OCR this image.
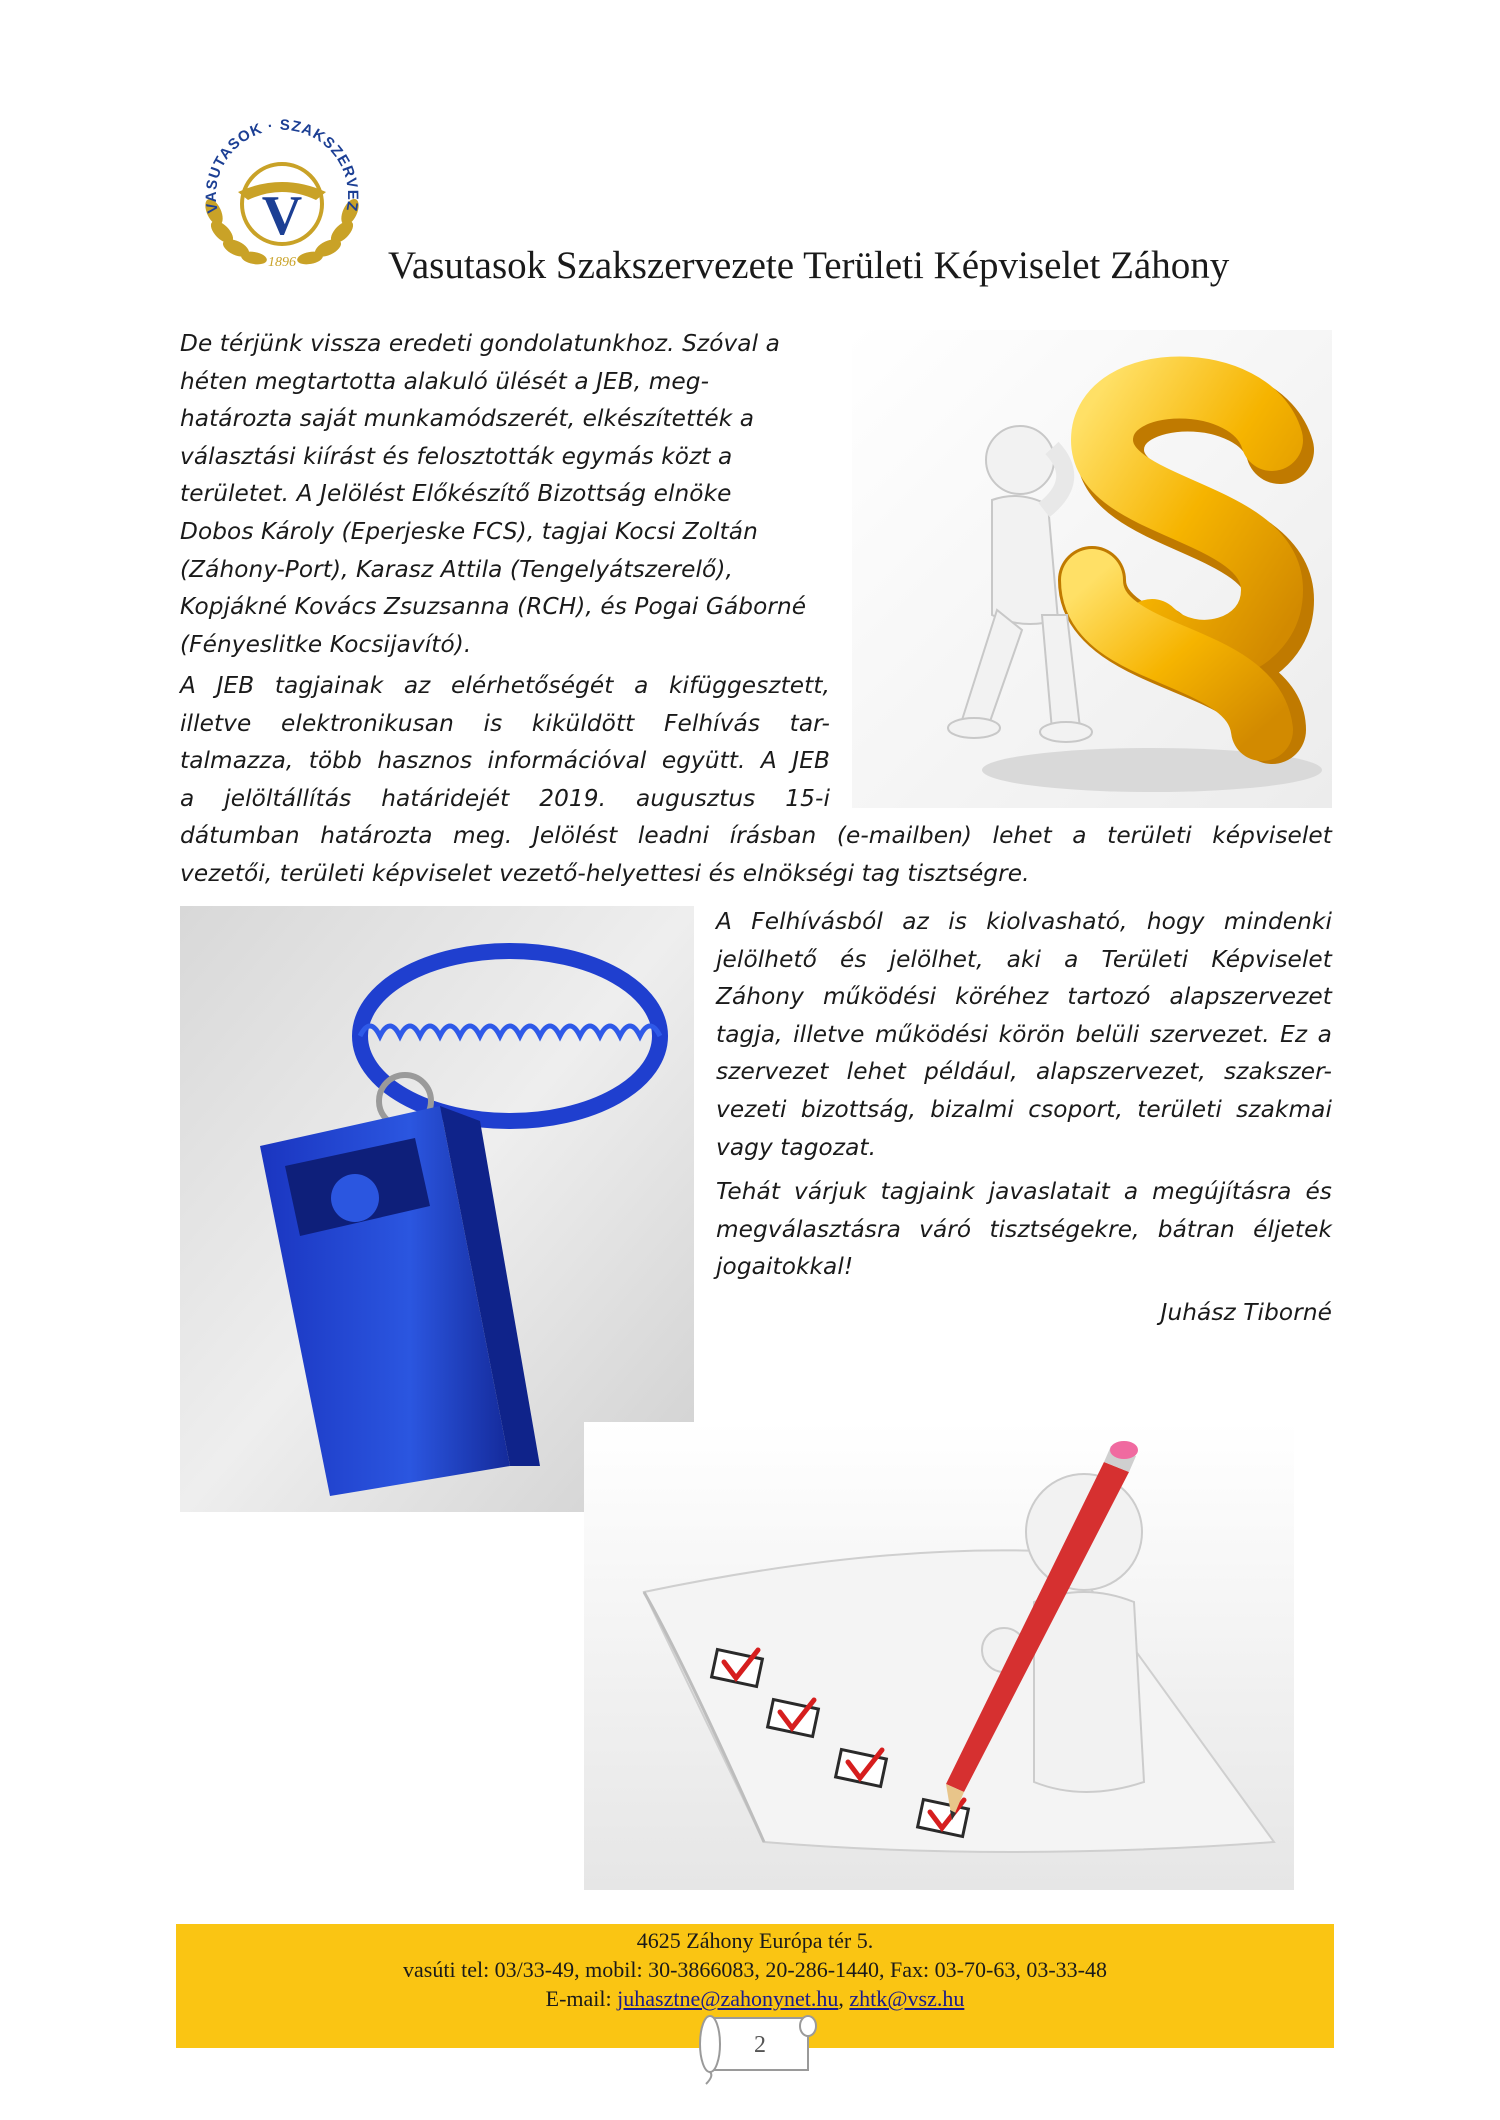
VASUTASOK · SZAKSZERVEZ
V
1896 Vasutasok Szakszervezete Területi Képviselet Záhony

De térjünk vissza eredeti gondolatunkhoz. Szóval a
héten megtartotta alakuló ülését a JEB, meg-
határozta saját munkamódszerét, elkészítették a
választási kiírást és felosztották egymás közt a
területet. A Jelölést Előkészítő Bizottság elnöke
Dobos Károly (Eperjeske FCS), tagjai Kocsi Zoltán
(Záhony-Port), Karasz Attila (Tengelyátszerelő),
Kopjákné Kovács Zsuzsanna (RCH), és Pogai Gáborné
(Fényeslitke Kocsijavító).

A JEB tagjainak az elérhetőségét a kifüggesztett,
illetve elektronikusan is kiküldött Felhívás tar-
talmazza, több hasznos információval együtt. A JEB
a jelöltállítás határidejét 2019. augusztus 15-i

dátumban határozta meg. Jelölést leadni írásban (e-mailben) lehet a területi képviselet
vezetői, területi képviselet vezető-helyettesi és elnökségi tag tisztségre.

A Felhívásból az is kiolvasható, hogy mindenki
jelölhető és jelölhet, aki a Területi Képviselet
Záhony működési köréhez tartozó alapszervezet
tagja, illetve működési körön belüli szervezet. Ez a
szervezet lehet például, alapszervezet, szakszer-
vezeti bizottság, bizalmi csoport, területi szakmai
vagy tagozat.

Tehát várjuk tagjaink javaslatait a megújításra és
megválasztásra váró tisztségekre, bátran éljetek
jogaitokkal!

Juhász Tiborné

4625 Záhony Európa tér 5.
vasúti tel: 03/33-49, mobil: 30-3866083, 20-286-1440, Fax: 03-70-63, 03-33-48
E-mail: juhasztne@zahonynet.hu, zhtk@vsz.hu
2
